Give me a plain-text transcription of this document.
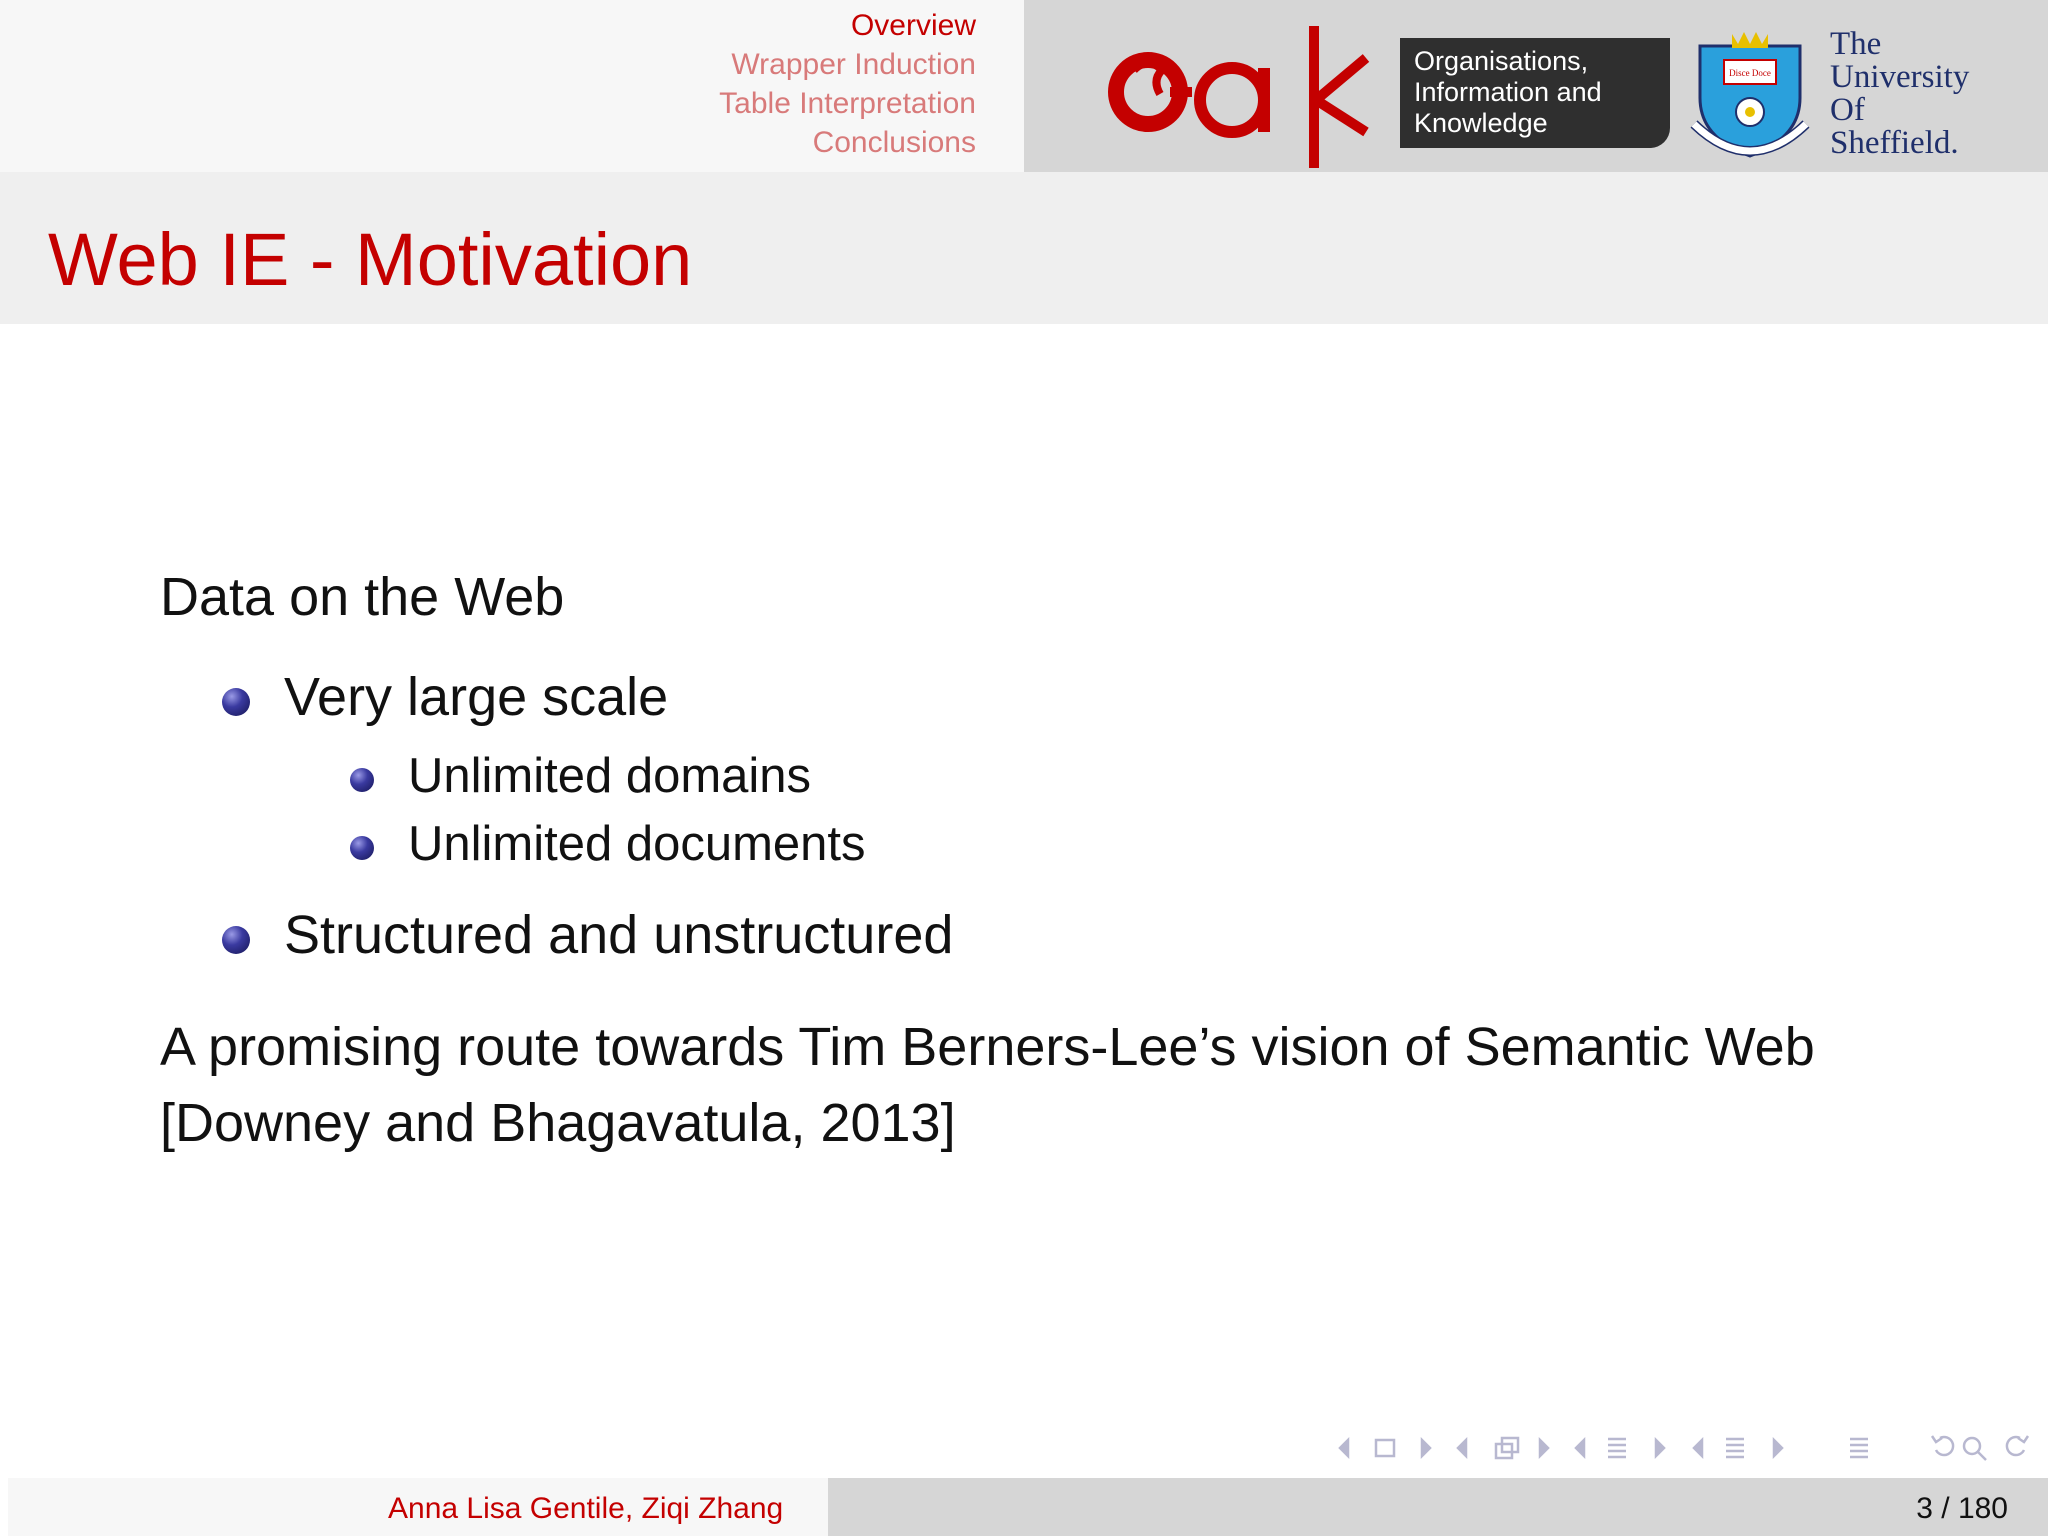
Overview
Wrapper Induction
Table Interpretation
Conclusions
Organisations,
Information and
Knowledge
Disce Doce
The
University
Of
Sheffield.
Web IE - Motivation
Data on the Web
Very large scale
Unlimited domains
Unlimited documents
Structured and unstructured
A promising route towards Tim Berners-Lee’s vision of Semantic Web
[Downey and Bhagavatula, 2013]
Anna Lisa Gentile, Ziqi Zhang	3 / 180
